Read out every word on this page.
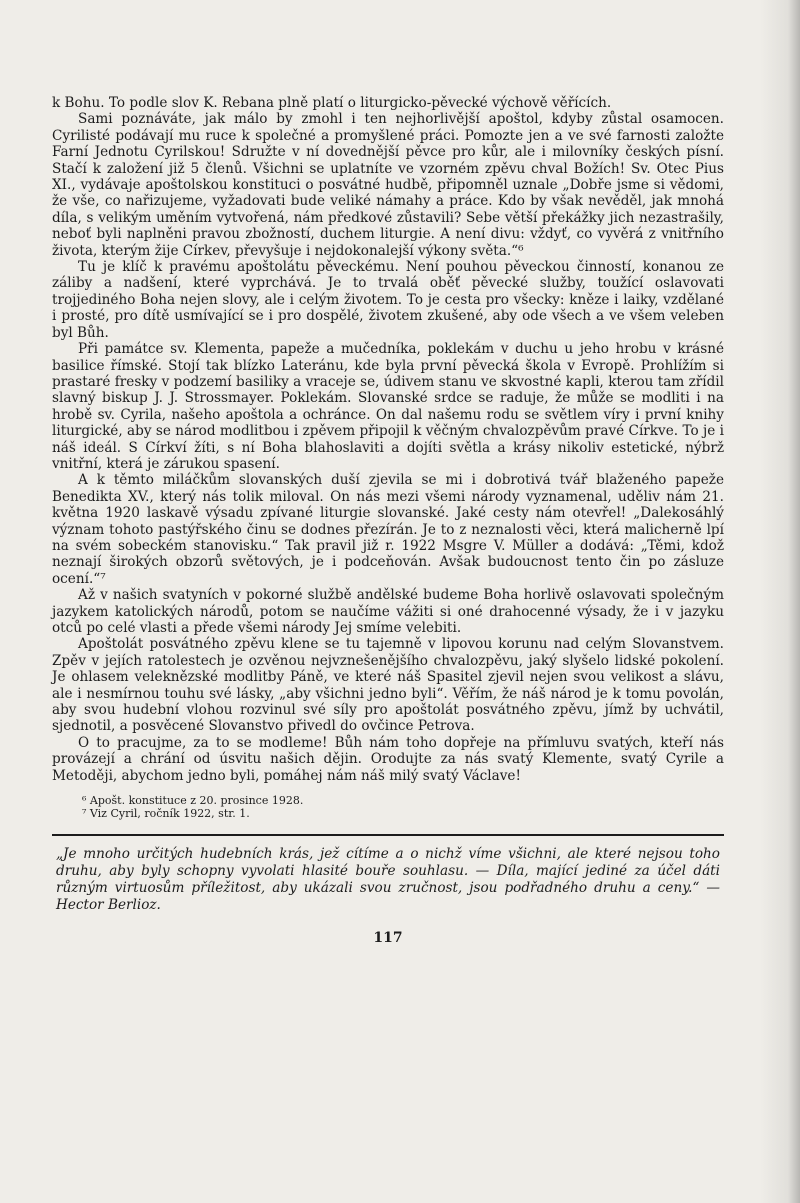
k Bohu. To podle slov K. Rebana plně platí o liturgicko-pěvecké výchově věřících.

Sami poznáváte, jak málo by zmohl i ten nejhorlivější apoštol, kdyby zůstal osamocen. Cyrilisté podávají mu ruce k společné a promyšlené práci. Pomozte jen a ve své farnosti založte Farní Jednotu Cyrilskou! Sdružte v ní dovednější pěvce pro kůr, ale i milovníky českých písní. Stačí k založení již 5 členů. Všichni se uplatníte ve vzorném zpěvu chval Božích! Sv. Otec Pius XI., vydávaje apoštolskou konstituci o posvátné hudbě, připomněl uznale „Dobře jsme si vědomi, že vše, co nařizujeme, vyžadovati bude veliké námahy a práce. Kdo by však nevěděl, jak mnohá díla, s velikým uměním vytvořená, nám předkové zůstavili? Sebe větší překážky jich nezastrašily, neboť byli naplněni pravou zbožností, duchem liturgie. A není divu: vždyť, co vyvěrá z vnitřního života, kterým žije Církev, převyšuje i nejdokonalejší výkony světa.“⁶

Tu je klíč k pravému apoštolátu pěveckému. Není pouhou pěveckou činností, konanou ze záliby a nadšení, které vyprchává. Je to trvalá oběť pěvecké služby, toužící oslavovati trojjediného Boha nejen slovy, ale i celým životem. To je cesta pro všecky: kněze i laiky, vzdělané i prosté, pro dítě usmívající se i pro dospělé, životem zkušené, aby ode všech a ve všem veleben byl Bůh.

Při památce sv. Klementa, papeže a mučedníka, poklekám v duchu u jeho hrobu v krásné basilice římské. Stojí tak blízko Lateránu, kde byla první pěvecká škola v Evropě. Prohlížím si prastaré fresky v podzemí basiliky a vraceje se, údivem stanu ve skvostné kapli, kterou tam zřídil slavný biskup J. J. Strossmayer. Poklekám. Slovanské srdce se raduje, že může se modliti i na hrobě sv. Cyrila, našeho apoštola a ochránce. On dal našemu rodu se světlem víry i první knihy liturgické, aby se národ modlitbou i zpěvem připojil k věčným chvalozpěvům pravé Církve. To je i náš ideál. S Církví žíti, s ní Boha blahoslaviti a dojíti světla a krásy nikoliv estetické, nýbrž vnitřní, která je zárukou spasení.

A k těmto miláčkům slovanských duší zjevila se mi i dobrotivá tvář blaženého papeže Benedikta XV., který nás tolik miloval. On nás mezi všemi národy vyznamenal, uděliv nám 21. května 1920 laskavě výsadu zpívané liturgie slovanské. Jaké cesty nám otevřel! „Dalekosáhlý význam tohoto pastýřského činu se dodnes přezírán. Je to z neznalosti věci, která malicherně lpí na svém sobeckém stanovisku.“ Tak pravil již r. 1922 Msgre V. Müller a dodává: „Těmi, kdož neznají širokých obzorů světových, je i podceňován. Avšak budoucnost tento čin po zásluze ocení.“⁷

Až v našich svatyních v pokorné službě andělské budeme Boha horlivě oslavovati společným jazykem katolických národů, potom se naučíme vážiti si oné drahocenné výsady, že i v jazyku otců po celé vlasti a přede všemi národy Jej smíme velebiti.

Apoštolát posvátného zpěvu klene se tu tajemně v lipovou korunu nad celým Slovanstvem. Zpěv v jejích ratolestech je ozvěnou nejvznešenějšího chvalozpěvu, jaký slyšelo lidské pokolení. Je ohlasem veleknězské modlitby Páně, ve které náš Spasitel zjevil nejen svou velikost a slávu, ale i nesmírnou touhu své lásky, „aby všichni jedno byli“. Věřím, že náš národ je k tomu povolán, aby svou hudební vlohou rozvinul své síly pro apoštolát posvátného zpěvu, jímž by uchvátil, sjednotil, a posvěcené Slovanstvo přivedl do ovčince Petrova.

O to pracujme, za to se modleme! Bůh nám toho dopřeje na přímluvu svatých, kteří nás provázejí a chrání od úsvitu našich dějin. Orodujte za nás svatý Klemente, svatý Cyrile a Metoději, abychom jedno byli, pomáhej nám náš milý svatý Václave!

⁶ Apošt. konstituce z 20. prosince 1928.
⁷ Viz Cyril, ročník 1922, str. 1.
„Je mnoho určitých hudebních krás, jež cítíme a o nichž víme všichni, ale které nejsou toho druhu, aby byly schopny vyvolati hlasité bouře souhlasu. — Díla, mající jediné za účel dáti různým virtuosům příležitost, aby ukázali svou zručnost, jsou podřadného druhu a ceny.“ — Hector Berlioz.
117
